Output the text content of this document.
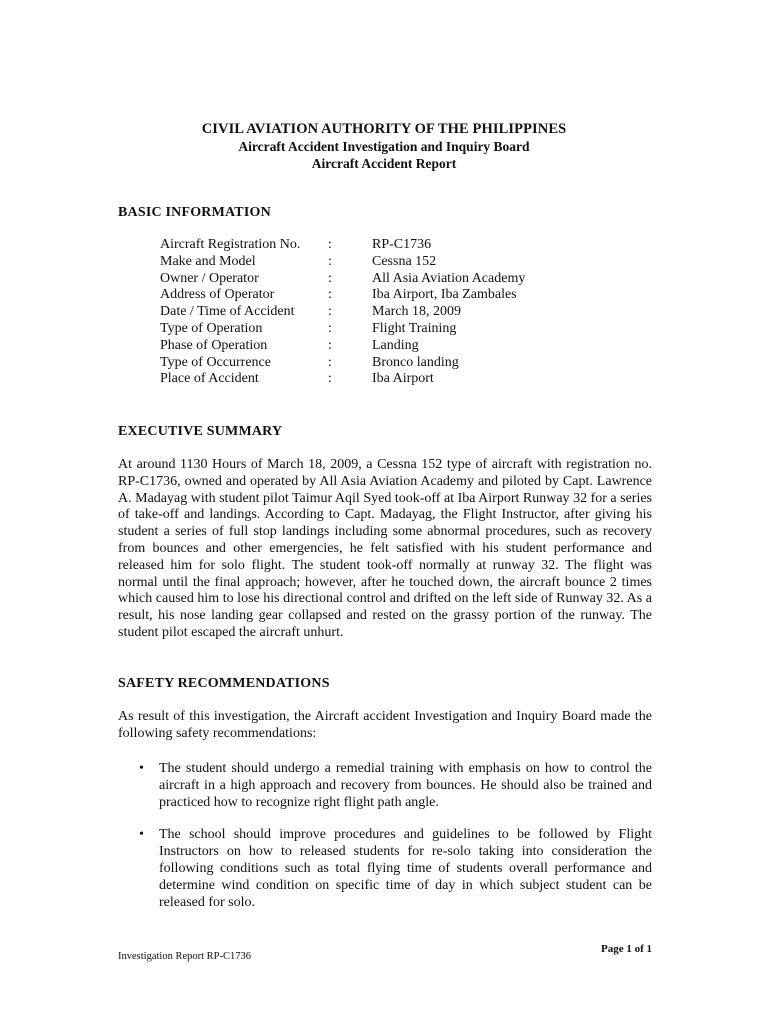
CIVIL AVIATION AUTHORITY OF THE PHILIPPINES
Aircraft Accident Investigation and Inquiry Board
Aircraft Accident Report
BASIC INFORMATION
Aircraft Registration No. :	RP-C1736
Make and Model	:	Cessna 152
Owner / Operator	:	All Asia Aviation Academy
Address of Operator	:	Iba Airport, Iba Zambales
Date / Time of Accident :	March 18, 2009
Type of Operation	:	Flight Training
Phase of Operation	:	Landing
Type of Occurrence	:	Bronco landing
Place of Accident	:	Iba Airport
EXECUTIVE SUMMARY
At around 1130 Hours of March 18, 2009, a Cessna 152 type of aircraft with registration no. RP-C1736, owned and operated by All Asia Aviation Academy and piloted by Capt. Lawrence A. Madayag with student pilot Taimur Aqil Syed took-off at Iba Airport Runway 32 for a series of take-off and landings. According to Capt. Madayag, the Flight Instructor, after giving his student a series of full stop landings including some abnormal procedures, such as recovery from bounces and other emergencies, he felt satisfied with his student performance and released him for solo flight. The student took-off normally at runway 32. The flight was normal until the final approach; however, after he touched down, the aircraft bounce 2 times which caused him to lose his directional control and drifted on the left side of Runway 32. As a result, his nose landing gear collapsed and rested on the grassy portion of the runway. The student pilot escaped the aircraft unhurt.
SAFETY RECOMMENDATIONS
As result of this investigation, the Aircraft accident Investigation and Inquiry Board made the following safety recommendations:
• The student should undergo a remedial training with emphasis on how to control the aircraft in a high approach and recovery from bounces. He should also be trained and practiced how to recognize right flight path angle.
• The school should improve procedures and guidelines to be followed by Flight Instructors on how to released students for re-solo taking into consideration the following conditions such as total flying time of students overall performance and determine wind condition on specific time of day in which subject student can be released for solo.
Page 1 of 1
Investigation Report RP-C1736
